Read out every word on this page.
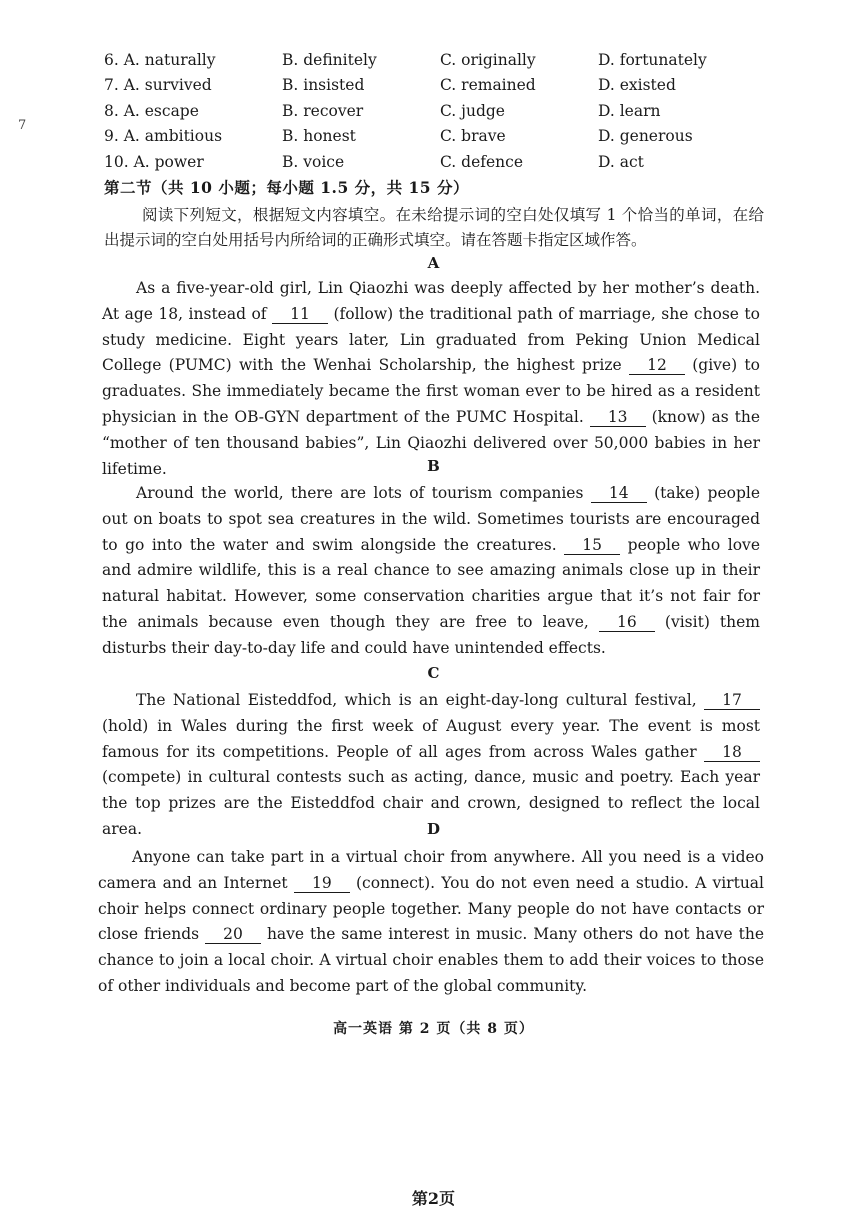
7
6. A. naturally	B. definitely	C. originally	D. fortunately
7. A. survived	B. insisted	C. remained	D. existed
8. A. escape	B. recover	C. judge	D. learn
9. A. ambitious	B. honest	C. brave	D. generous
10. A. power	B. voice	C. defence	D. act
第二节（共 10 小题；每小题 1.5 分，共 15 分）
阅读下列短文，根据短文内容填空。在未给提示词的空白处仅填写 1 个恰当的单词，在给出提示词的空白处用括号内所给词的正确形式填空。请在答题卡指定区域作答。
A

As a five-year-old girl, Lin Qiaozhi was deeply affected by her mother’s death. At age 18, instead of 11 (follow) the traditional path of marriage, she chose to study medicine. Eight years later, Lin graduated from Peking Union Medical College (PUMC) with the Wenhai Scholarship, the highest prize 12 (give) to graduates. She immediately became the first woman ever to be hired as a resident physician in the OB-GYN department of the PUMC Hospital. 13 (know) as the “mother of ten thousand babies”, Lin Qiaozhi delivered over 50,000 babies in her lifetime.	B

Around the world, there are lots of tourism companies 14 (take) people out on boats to spot sea creatures in the wild. Sometimes tourists are encouraged to go into the water and swim alongside the creatures. 15 people who love and admire wildlife, this is a real chance to see amazing animals close up in their natural habitat. However, some conservation charities argue that it’s not fair for the animals because even though they are free to leave, 16 (visit) them disturbs their day-to-day life and could have unintended effects.

C

The National Eisteddfod, which is an eight-day-long cultural festival, 17 (hold) in Wales during the first week of August every year. The event is most famous for its competitions. People of all ages from across Wales gather 18 (compete) in cultural contests such as acting, dance, music and poetry. Each year the top prizes are the Eisteddfod chair and crown, designed to reflect the local area.	D

Anyone can take part in a virtual choir from anywhere. All you need is a video camera and an Internet 19 (connect). You do not even need a studio. A virtual choir helps connect ordinary people together. Many people do not have contacts or close friends 20 have the same interest in music. Many others do not have the chance to join a local choir. A virtual choir enables them to add their voices to those of other individuals and become part of the global community.

高一英语 第 2 页（共 8 页）
第2页
